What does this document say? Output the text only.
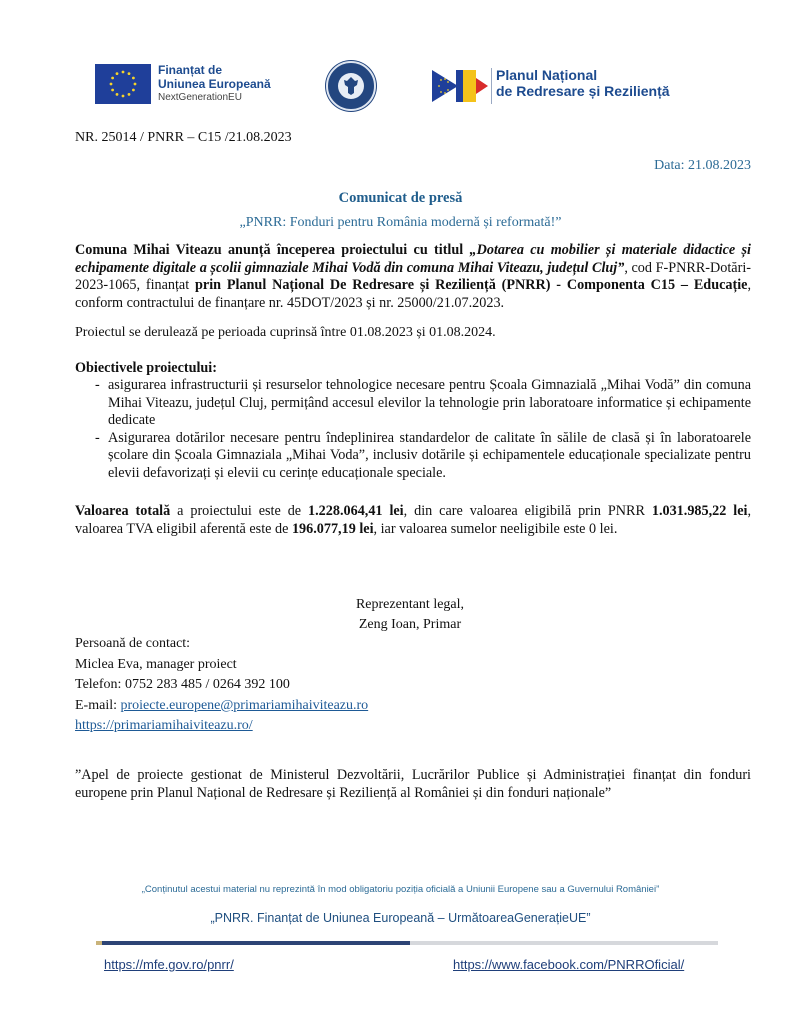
Finanțat de
Uniunea Europeană
NextGenerationEU
Planul Național
de Redresare și Reziliență
NR. 25014 / PNRR – C15 /21.08.2023
Data: 21.08.2023
Comunicat de presă
„PNRR: Fonduri pentru România modernă și reformată!”
Comuna Mihai Viteazu anunță începerea proiectului cu titlul „Dotarea cu mobilier și materiale didactice și echipamente digitale a școlii gimnaziale Mihai Vodă din comuna Mihai Viteazu, județul Cluj”, cod F-PNRR-Dotări-2023-1065, finanțat prin Planul Național De Redresare și Reziliență (PNRR) - Componenta C15 – Educație, conform contractului de finanțare nr. 45DOT/2023 și nr. 25000/21.07.2023.
Proiectul se derulează pe perioada cuprinsă între 01.08.2023 și 01.08.2024.
Obiectivele proiectului:
- asigurarea infrastructurii și resurselor tehnologice necesare pentru Școala Gimnazială „Mihai Vodă” din comuna Mihai Viteazu, județul Cluj, permițând accesul elevilor la tehnologie prin laboratoare informatice și echipamente dedicate
- Asigurarea dotărilor necesare pentru îndeplinirea standardelor de calitate în sălile de clasă și în laboratoarele școlare din Școala Gimnaziala „Mihai Voda”, inclusiv dotările și echipamentele educaționale specializate pentru elevii defavorizați și elevii cu cerințe educaționale speciale.
Valoarea totală a proiectului este de 1.228.064,41 lei, din care valoarea eligibilă prin PNRR 1.031.985,22 lei, valoarea TVA eligibil aferentă este de 196.077,19 lei, iar valoarea sumelor neeligibile este 0 lei.
Reprezentant legal,
Zeng Ioan, Primar
Persoană de contact:
Miclea Eva, manager proiect
Telefon: 0752 283 485 / 0264 392 100
E-mail: proiecte.europene@primariamihaiviteazu.ro
https://primariamihaiviteazu.ro/
”Apel de proiecte gestionat de Ministerul Dezvoltării, Lucrărilor Publice și Administrației finanțat din fonduri europene prin Planul Național de Redresare și Reziliență al României și din fonduri naționale”
„Conținutul acestui material nu reprezintă în mod obligatoriu poziția oficială a Uniunii Europene sau a Guvernului României”
„PNRR. Finanțat de Uniunea Europeană – UrmătoareaGenerațieUE”
https://mfe.gov.ro/pnrr/	https://www.facebook.com/PNRROficial/
